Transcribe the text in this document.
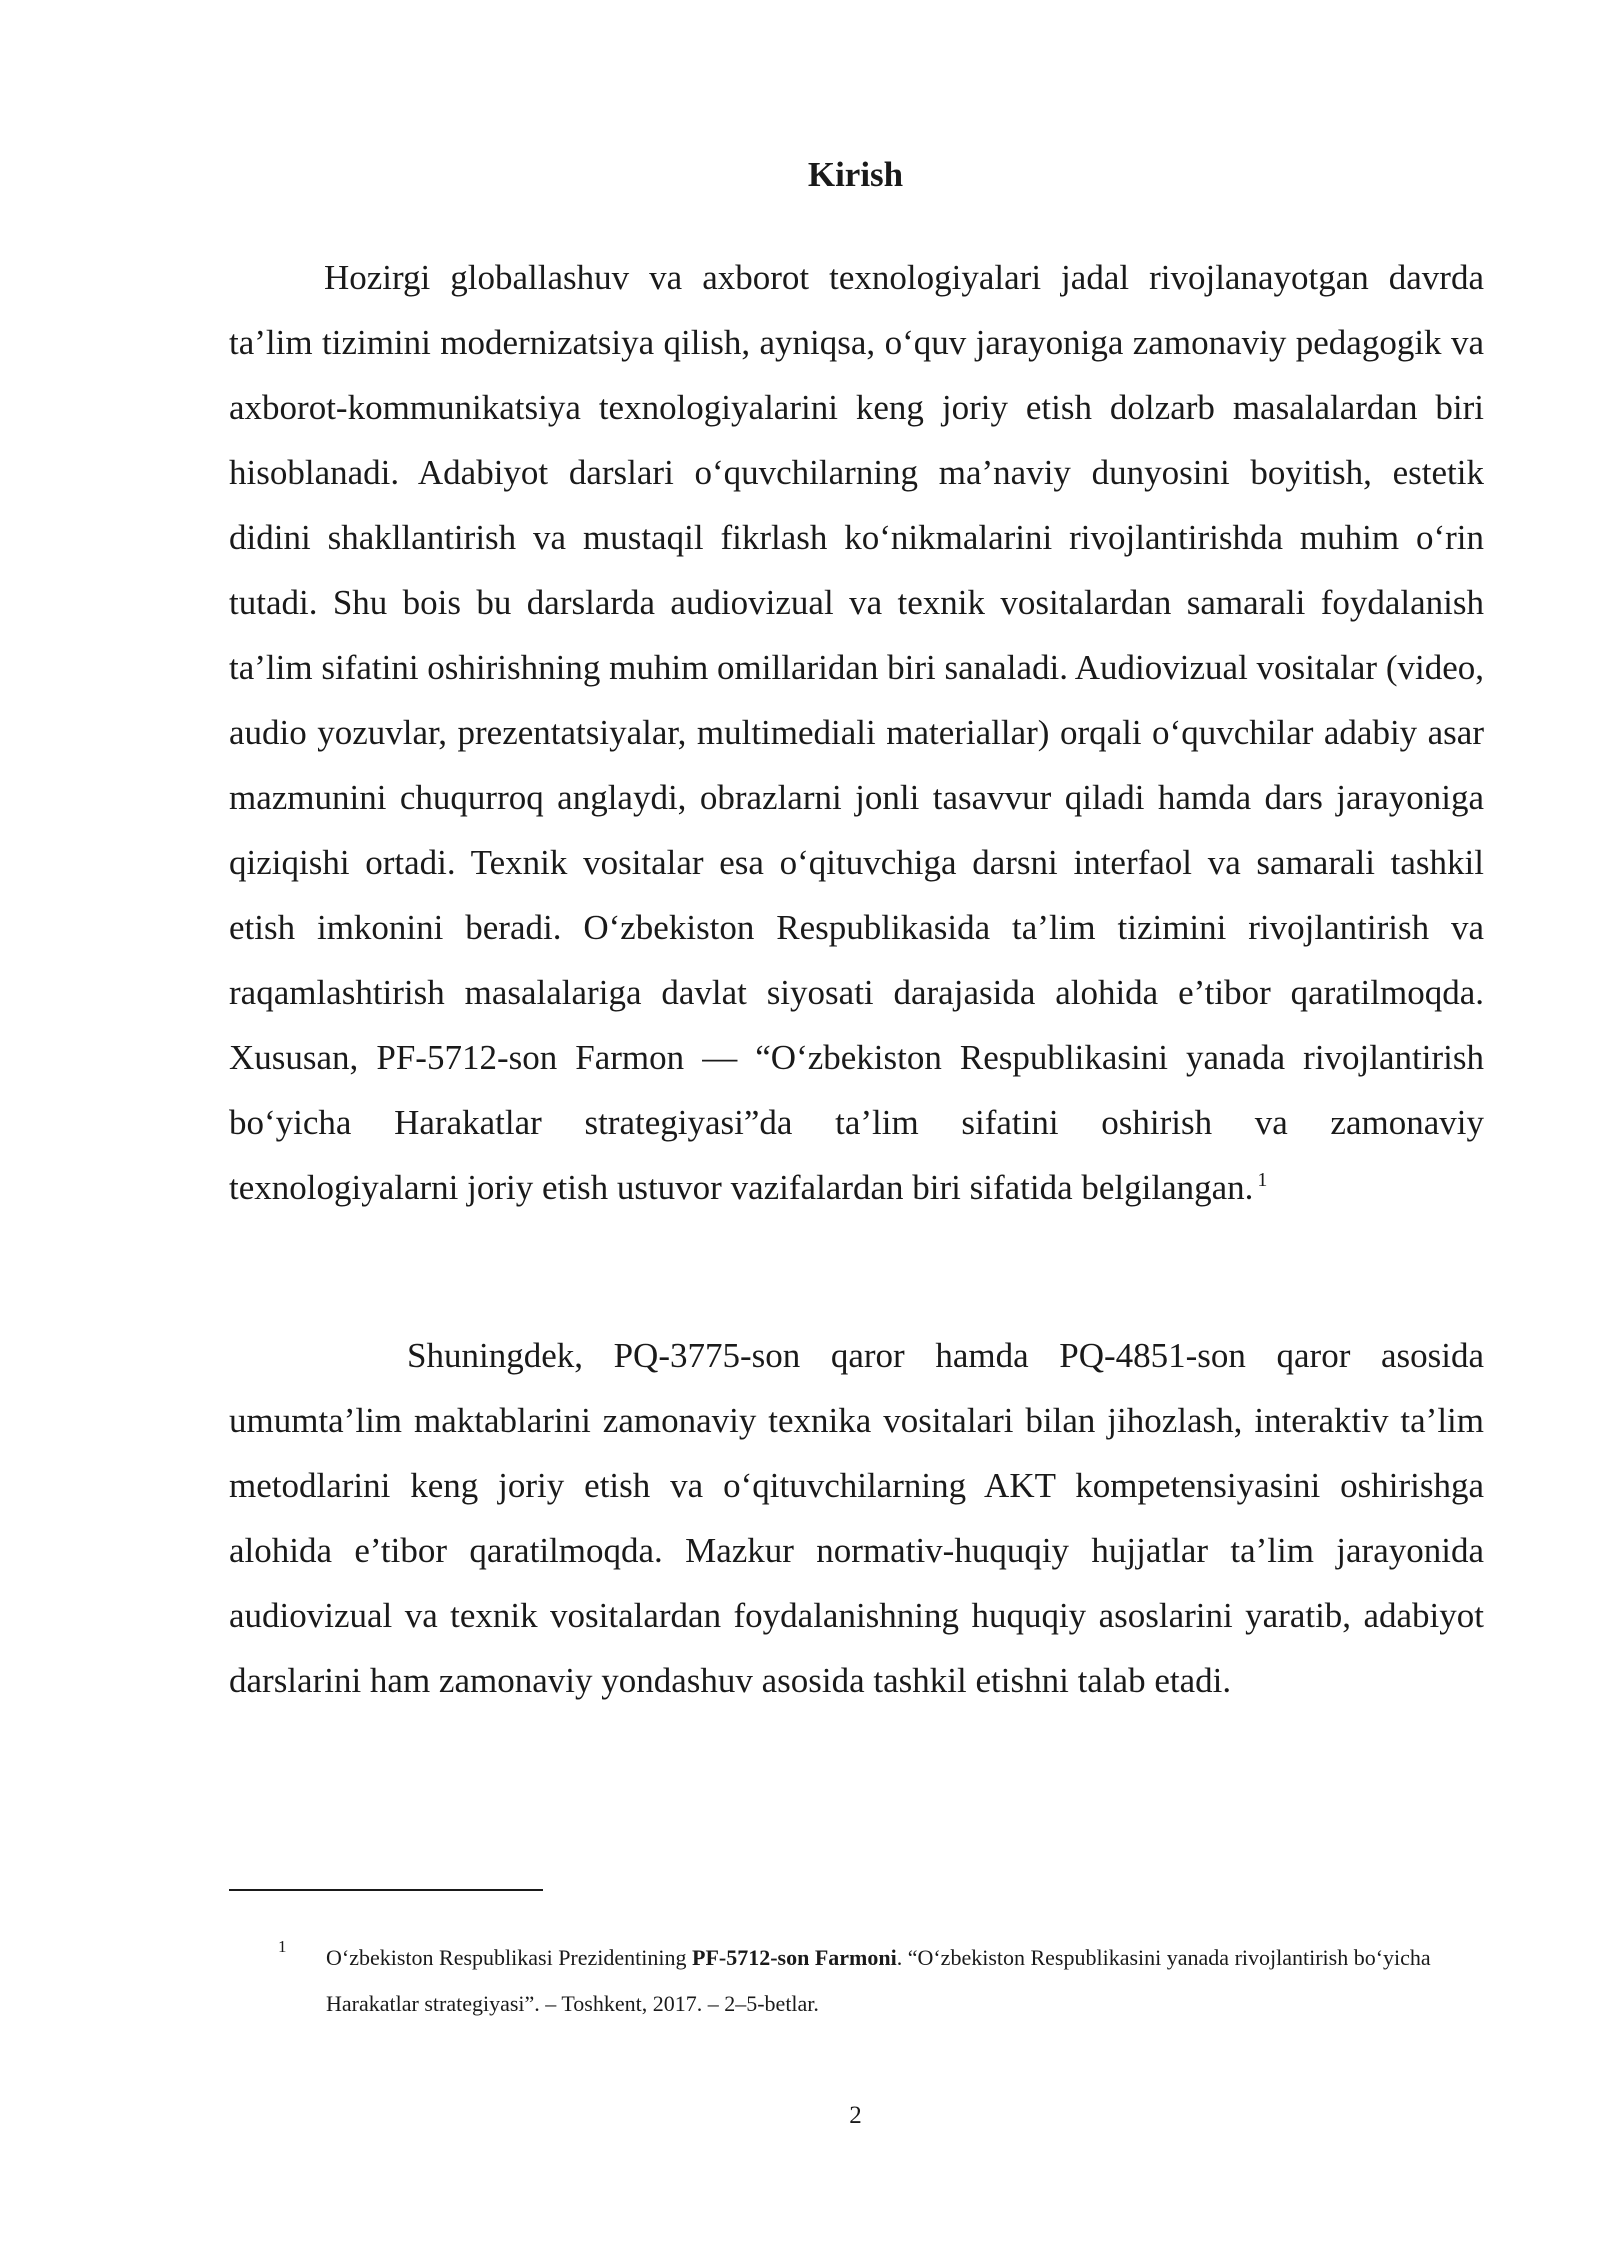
Kirish

Hozirgi globallashuv va axborot texnologiyalari jadal rivojlanayotgan davrda ta’lim tizimini modernizatsiya qilish, ayniqsa, o‘quv jarayoniga zamonaviy pedagogik va axborot-kommunikatsiya texnologiyalarini keng joriy etish dolzarb masalalardan biri hisoblanadi. Adabiyot darslari o‘quvchilarning ma’naviy dunyosini boyitish, estetik didini shakllantirish va mustaqil fikrlash ko‘nikmalarini rivojlantirishda muhim o‘rin tutadi. Shu bois bu darslarda audiovizual va texnik vositalardan samarali foydalanish ta’lim sifatini oshirishning muhim omillaridan biri sanaladi. Audiovizual vositalar (video, audio yozuvlar, prezentatsiyalar, multimediali materiallar) orqali o‘quvchilar adabiy asar mazmunini chuqurroq anglaydi, obrazlarni jonli tasavvur qiladi hamda dars jarayoniga qiziqishi ortadi. Texnik vositalar esa o‘qituvchiga darsni interfaol va samarali tashkil etish imkonini beradi. O‘zbekiston Respublikasida ta’lim tizimini rivojlantirish va raqamlashtirish masalalariga davlat siyosati darajasida alohida e’tibor qaratilmoqda. Xususan, PF-5712-son Farmon — “O‘zbekiston Respublikasini yanada rivojlantirish bo‘yicha Harakatlar strategiyasi”da ta’lim sifatini oshirish va zamonaviy texnologiyalarni joriy etish ustuvor vazifalardan biri sifatida belgilangan. $^1$

Shuningdek, PQ-3775-son qaror hamda PQ-4851-son qaror asosida umumta’lim maktablarini zamonaviy texnika vositalari bilan jihozlash, interaktiv ta’lim metodlarini keng joriy etish va o‘qituvchilarning AKT kompetensiyasini oshirishga alohida e’tibor qaratilmoqda. Mazkur normativ-huquqiy hujjatlar ta’lim jarayonida audiovizual va texnik vositalardan foydalanishning huquqiy asoslarini yaratib, adabiyot darslarini ham zamonaviy yondashuv asosida tashkil etishni talab etadi.

1 O‘zbekiston Respublikasi Prezidentining PF-5712-son Farmoni. “O‘zbekiston Respublikasini yanada rivojlantirish bo‘yicha Harakatlar strategiyasi”. – Toshkent, 2017. – 2–5-betlar.

2
